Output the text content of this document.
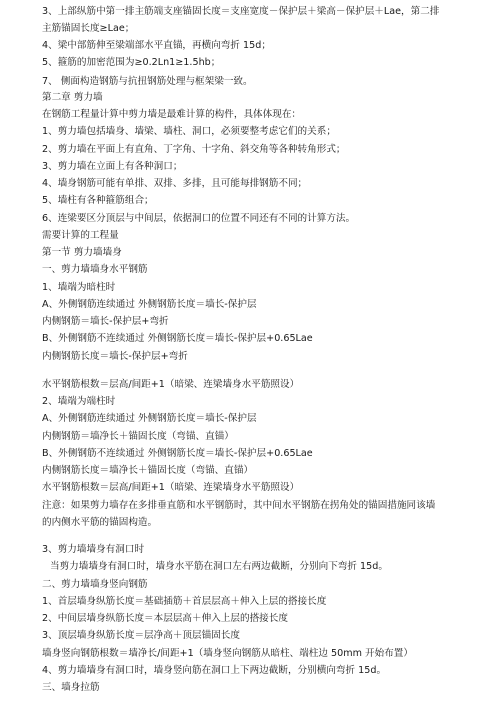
3、上部纵筋中第一排主筋端支座锚固长度＝支座宽度－保护层＋梁高－保护层＋Lae，第二排
主筋锚固长度≥Lae；
4、梁中部筋伸至梁端部水平直锚，再横向弯折 15d；
5、箍筋的加密范围为≥0.2Ln1≥1.5hb；
7、 侧面构造钢筋与抗扭钢筋处理与框架梁一致。
第二章 剪力墙
在钢筋工程量计算中剪力墙是最难计算的构件，具体体现在：
1、剪力墙包括墙身、墙梁、墙柱、洞口，必须要整考虑它们的关系；
2、剪力墙在平面上有直角、丁字角、十字角、斜交角等各种转角形式；
3、剪力墙在立面上有各种洞口；
4、墙身钢筋可能有单排、双排、多排，且可能每排钢筋不同；
5、墙柱有各种箍筋组合；
6、连梁要区分顶层与中间层，依据洞口的位置不同还有不同的计算方法。
需要计算的工程量
第一节 剪力墙墙身
一、剪力墙墙身水平钢筋
1、墙端为暗柱时
A、外侧钢筋连续通过 外侧钢筋长度＝墙长-保护层
内侧钢筋＝墙长-保护层+弯折
B、外侧钢筋不连续通过 外侧钢筋长度＝墙长-保护层+0.65Lae
内侧钢筋长度＝墙长-保护层+弯折
水平钢筋根数＝层高/间距+1（暗梁、连梁墙身水平筋照设）
2、墙端为端柱时
A、外侧钢筋连续通过 外侧钢筋长度＝墙长-保护层
内侧钢筋＝墙净长＋锚固长度（弯锚、直锚）
B、外侧钢筋不连续通过 外侧钢筋长度＝墙长-保护层+0.65Lae
内侧钢筋长度＝墙净长＋锚固长度（弯锚、直锚）
水平钢筋根数＝层高/间距+1（暗梁、连梁墙身水平筋照设）
注意：如果剪力墙存在多排垂直筋和水平钢筋时，其中间水平钢筋在拐角处的锚固措施同该墙
的内侧水平筋的锚固构造。
3、剪力墙墙身有洞口时
当剪力墙墙身有洞口时，墙身水平筋在洞口左右两边截断，分别向下弯折 15d。
二、剪力墙墙身竖向钢筋
1、首层墙身纵筋长度＝基础插筋＋首层层高＋伸入上层的搭接长度
2、中间层墙身纵筋长度＝本层层高＋伸入上层的搭接长度
3、顶层墙身纵筋长度＝层净高＋顶层锚固长度
墙身竖向钢筋根数＝墙净长/间距+1（墙身竖向钢筋从暗柱、端柱边 50mm 开始布置）
4、剪力墙墙身有洞口时，墙身竖向筋在洞口上下两边截断，分别横向弯折 15d。
三、墙身拉筋
